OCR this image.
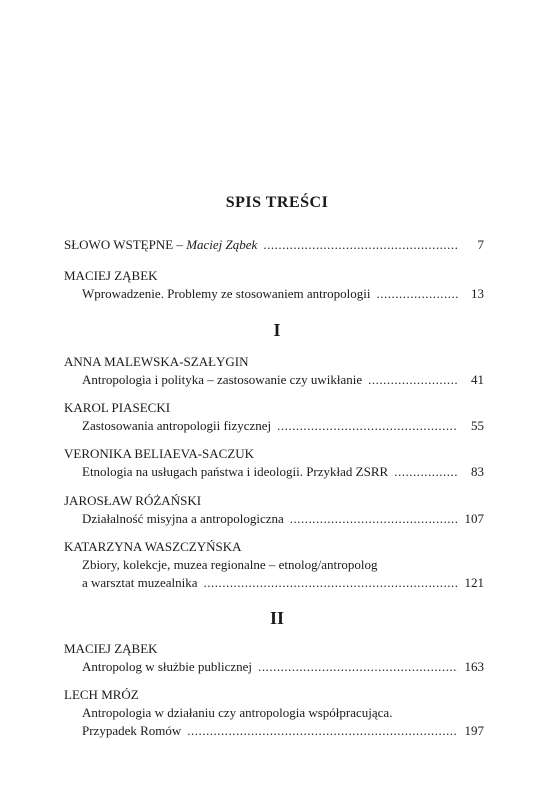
SPIS TREŚCI
SŁOWO WSTĘPNE – Maciej Ząbek .....	7
MACIEJ ZĄBEK
Wprowadzenie. Problemy ze stosowaniem antropologii .....	13
I
ANNA MALEWSKA-SZAŁYGIN
Antropologia i polityka – zastosowanie czy uwikłanie .....	41
KAROL PIASECKI
Zastosowania antropologii fizycznej .....	55
VERONIKA BELIAEVA-SACZUK
Etnologia na usługach państwa i ideologii. Przykład ZSRR .....	83
JAROSŁAW RÓŻAŃSKI
Działalność misyjna a antropologiczna .....	107
KATARZYNA WASZCZYŃSKA
Zbiory, kolekcje, muzea regionalne – etnolog/antropolog
a warsztat muzealnika .....	121
II
MACIEJ ZĄBEK
Antropolog w służbie publicznej .....	163
LECH MRÓZ
Antropologia w działaniu czy antropologia współpracująca.
Przypadek Romów .....	197
